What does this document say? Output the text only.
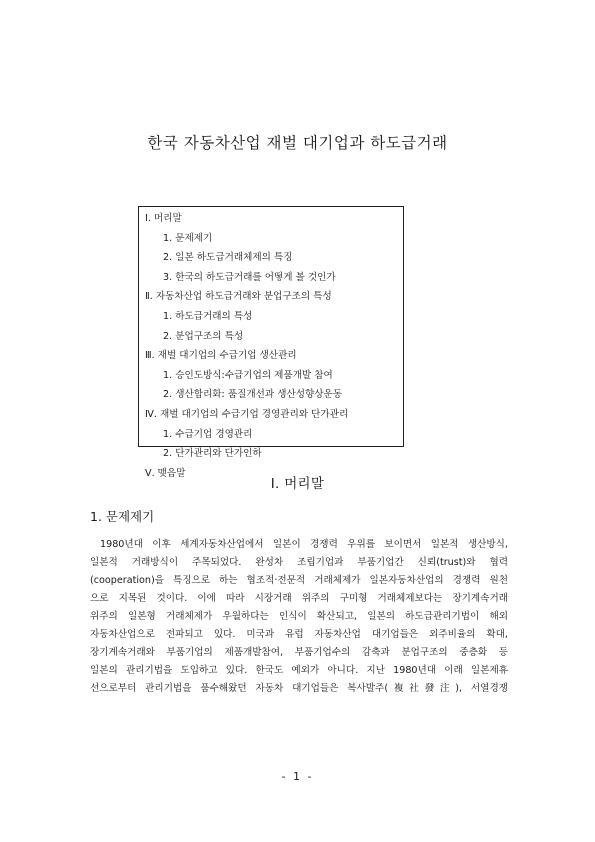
한국 자동차산업 재벌 대기업과 하도급거래
Ⅰ. 머리말
1. 문제제기
2. 일본 하도급거래체제의 특징
3. 한국의 하도급거래를 어떻게 볼 것인가
Ⅱ. 자동차산업 하도급거래와 분업구조의 특성
1. 하도급거래의 특성
2. 분업구조의 특성
Ⅲ. 재벌 대기업의 수급기업 생산관리
1. 승인도방식:수급기업의 제품개발 참여
2. 생산합리화: 품질개선과 생산성향상운동
Ⅳ. 재벌 대기업의 수급기업 경영관리와 단가관리
1. 수급기업 경영관리
2. 단가관리와 단가인하
Ⅴ. 맺음말
Ⅰ. 머리말
1. 문제제기
1980년대 이후 세계자동차산업에서 일본이 경쟁력 우위를 보이면서 일본적 생산방식,
일본적 거래방식이 주목되었다. 완성차 조립기업과 부품기업간 신뢰(trust)와 협력
(cooperation)을 특징으로 하는 협조적·전문적 거래체제가 일본자동차산업의 경쟁력 원천
으로 지목된 것이다. 이에 따라 시장거래 위주의 구미형 거래체제보다는 장기계속거래
위주의 일본형 거래체제가 우월하다는 인식이 확산되고, 일본의 하도급관리기법이 해외
자동차산업으로 전파되고 있다. 미국과 유럽 자동차산업 대기업들은 외주비율의 확대,
장기계속거래와 부품기업의 제품개발참여, 부품기업수의 감축과 분업구조의 중층화 등
일본의 관리기법을 도입하고 있다. 한국도 예외가 아니다. 지난 1980년대 이래 일본제휴
선으로부터 관리기법을 품수해왔던 자동차 대기업들은 복사발주(複社發注), 서열경쟁
- 1 -
